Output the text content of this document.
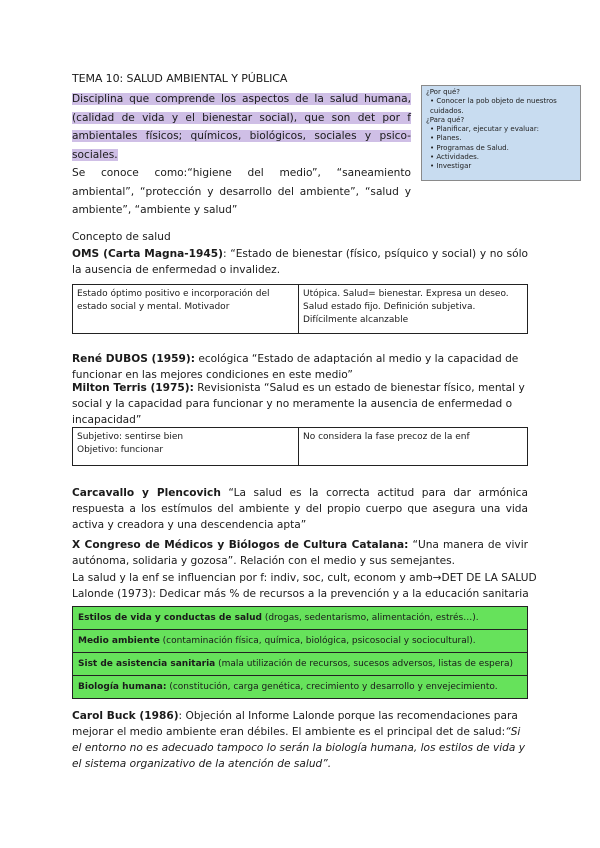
TEMA 10: SALUD AMBIENTAL Y PÚBLICA
Disciplina que comprende los aspectos de la salud humana, (calidad de vida y el bienestar social), que son det por f ambientales físicos; químicos, biológicos, sociales y psico-sociales.
Se conoce como:“higiene del medio”, “saneamiento ambiental”, “protección y desarrollo del ambiente”, “salud y ambiente”, “ambiente y salud”
¿Por qué?
• Conocer la pob objeto de nuestros cuidados.
¿Para qué?
• Planificar, ejecutar y evaluar:
• Planes.
• Programas de Salud.
• Actividades.
• Investigar
Concepto de salud
OMS (Carta Magna-1945): “Estado de bienestar (físico, psíquico y social) y no sólo la ausencia de enfermedad o invalidez.
Estado óptimo positivo e incorporación del estado social y mental. Motivador	Utópica. Salud= bienestar. Expresa un deseo. Salud estado fijo. Definición subjetiva. Difícilmente alcanzable
René DUBOS (1959): ecológica “Estado de adaptación al medio y la capacidad de funcionar en las mejores condiciones en este medio”
Milton Terris (1975): Revisionista “Salud es un estado de bienestar físico, mental y social y la capacidad para funcionar y no meramente la ausencia de enfermedad o incapacidad”
Subjetivo: sentirse bien
Objetivo: funcionar
	No considera la fase precoz de la enf
Carcavallo y Plencovich “La salud es la correcta actitud para dar armónica respuesta a los estímulos del ambiente y del propio cuerpo que asegura una vida activa y creadora y una descendencia apta”
X Congreso de Médicos y Biólogos de Cultura Catalana: “Una manera de vivir autónoma, solidaria y gozosa”. Relación con el medio y sus semejantes.
La salud y la enf se influencian por f: indiv, soc, cult, econom y amb→DET DE LA SALUD
Lalonde (1973): Dedicar más % de recursos a la prevención y a la educación sanitaria
Estilos de vida y conductas de salud (drogas, sedentarismo, alimentación, estrés…).
Medio ambiente (contaminación física, química, biológica, psicosocial y sociocultural).
Sist de asistencia sanitaria (mala utilización de recursos, sucesos adversos, listas de espera)
Biología humana: (constitución, carga genética, crecimiento y desarrollo y envejecimiento.
Carol Buck (1986): Objeción al Informe Lalonde porque las recomendaciones para mejorar el medio ambiente eran débiles. El ambiente es el principal det de salud:“Si el entorno no es adecuado tampoco lo serán la biología humana, los estilos de vida y el sistema organizativo de la atención de salud”.
